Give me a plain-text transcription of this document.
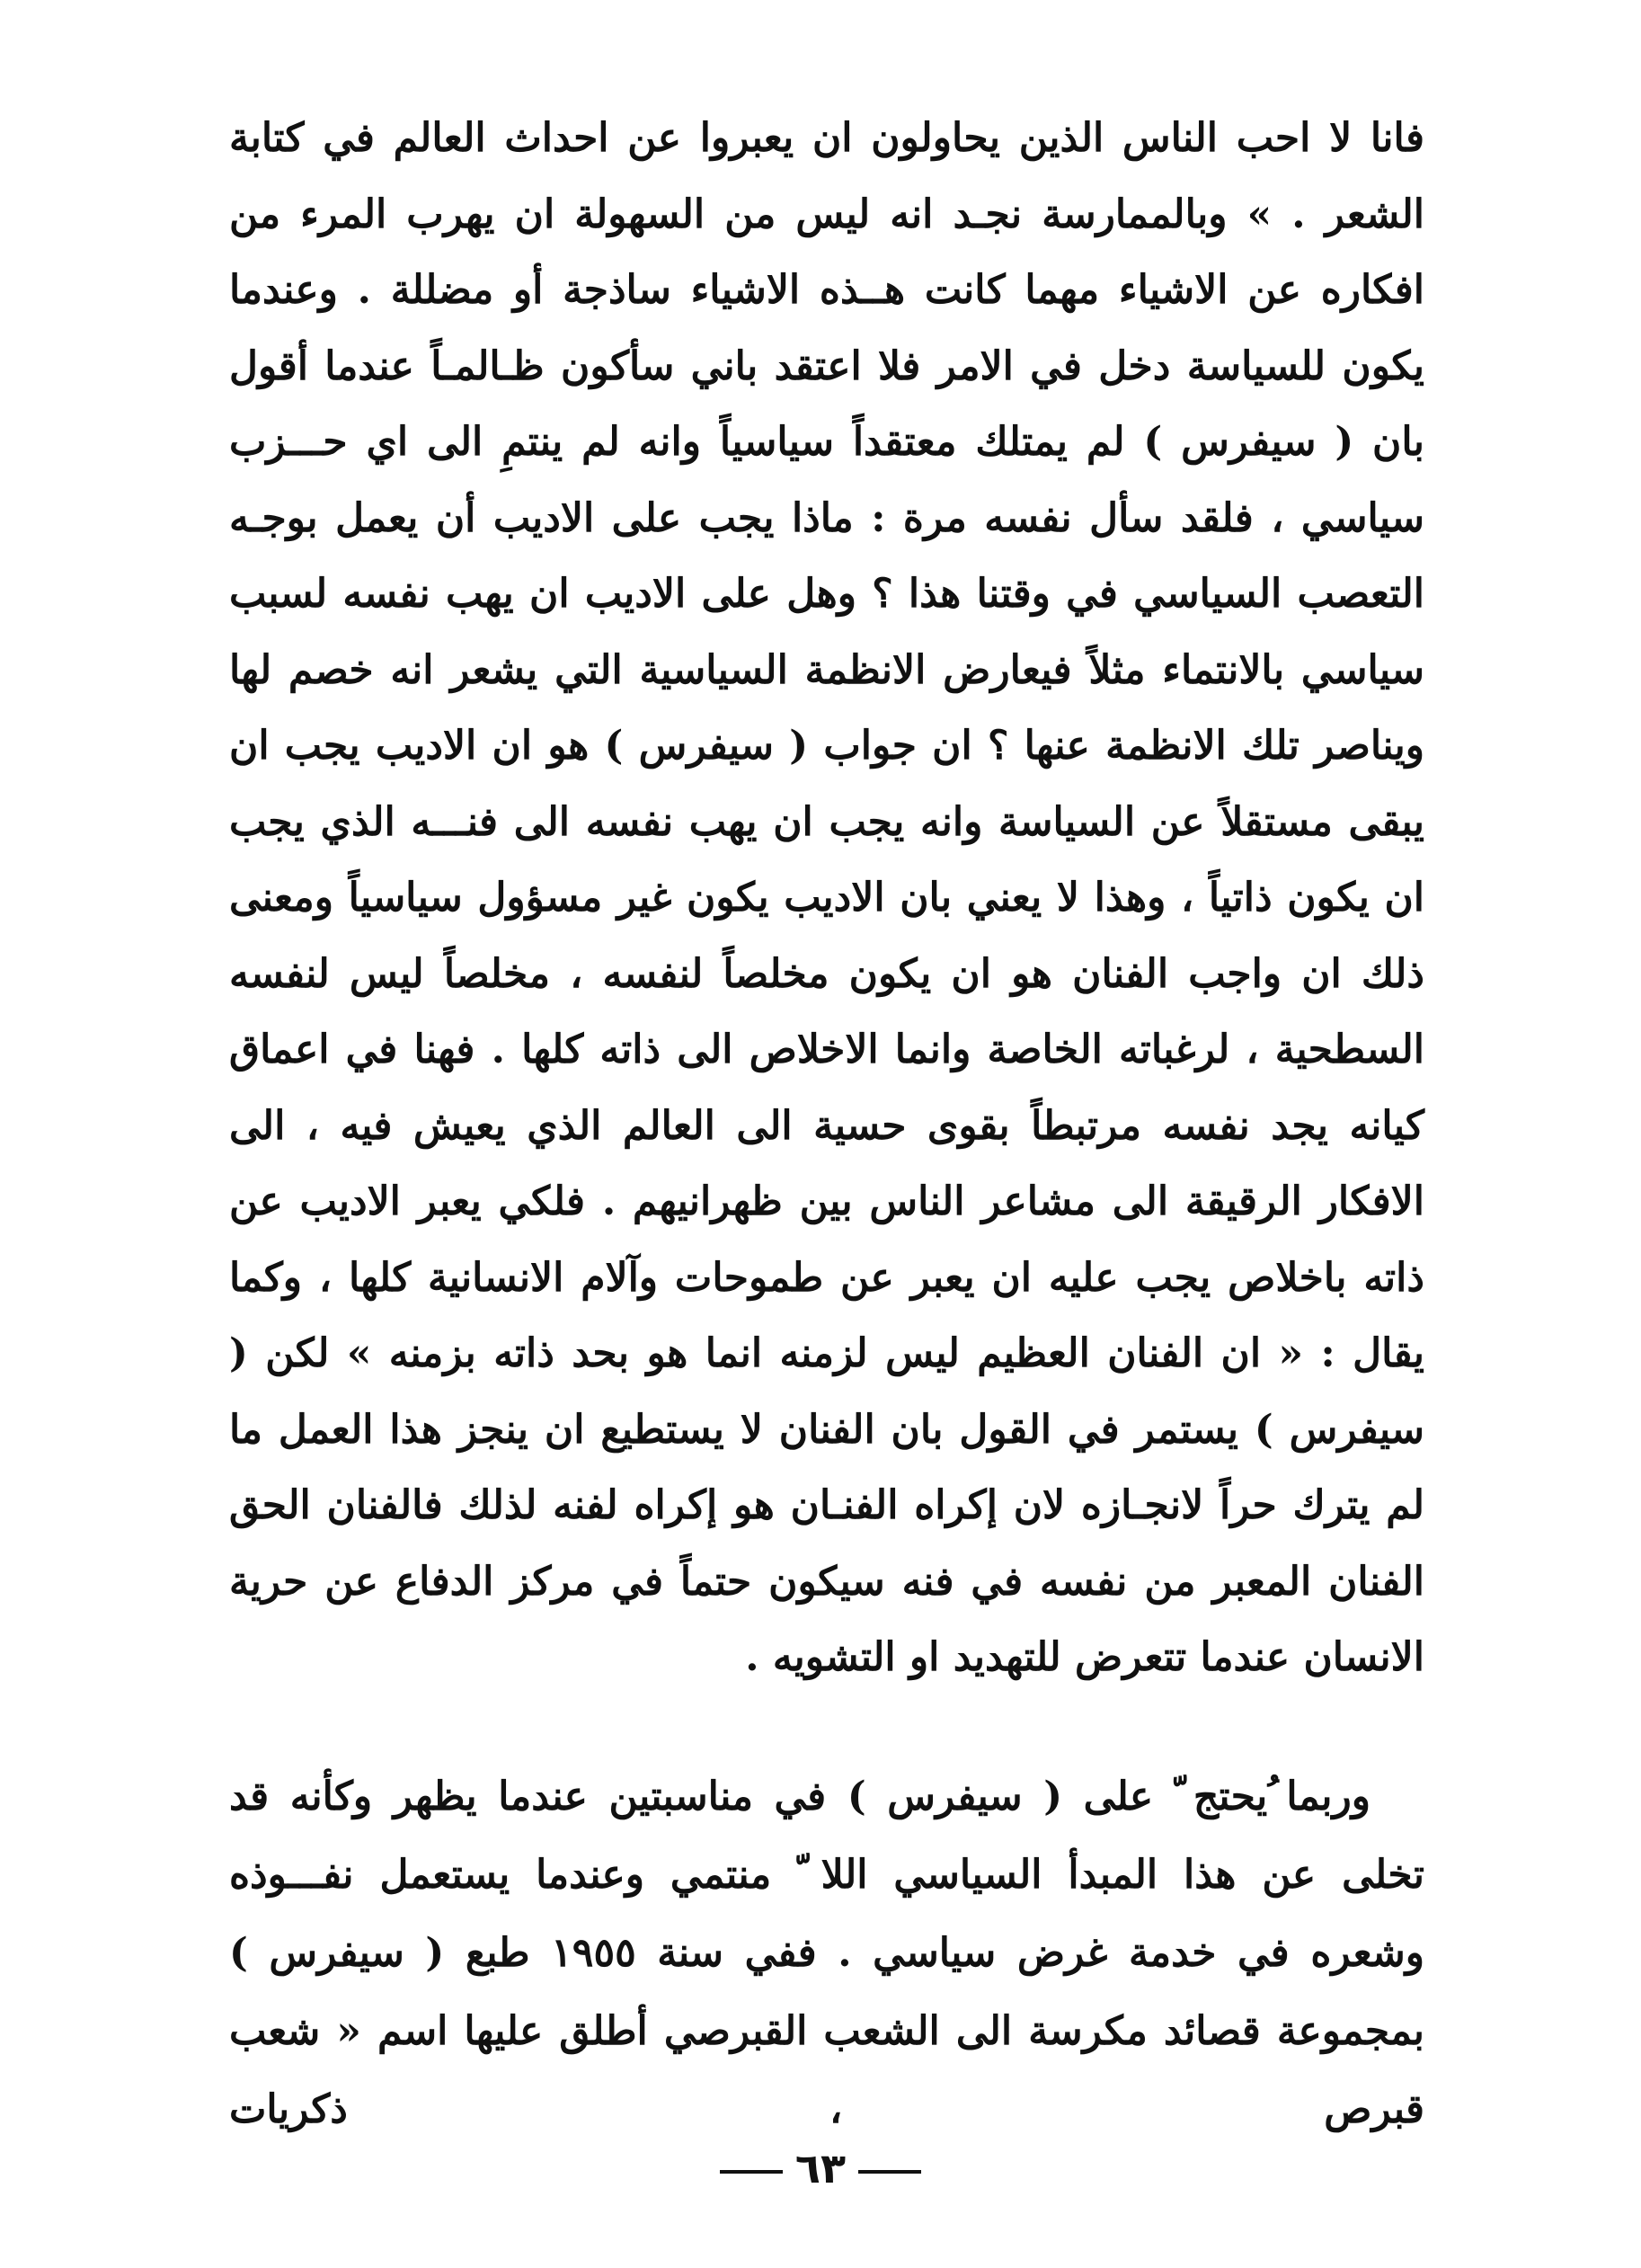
فانا لا احب الناس الذين يحاولون ان يعبروا عن احداث العالم في كتابة الشعر . » وبالممارسة نجـد انه ليس من السهولة ان يهرب المرء من افكاره عن الاشياء مهما كانت هــذه الاشياء ساذجة أو مضللة . وعندما يكون للسياسة دخل في الامر فلا اعتقد باني سأكون ظـالمـاً عندما أقول بان ( سيفرس ) لم يمتلك معتقداً سياسياً وانه لم ينتمِ الى اي حـــزب سياسي ، فلقد سأل نفسه مرة : ماذا يجب على الاديب أن يعمل بوجـه التعصب السياسي في وقتنا هذا ؟ وهل على الاديب ان يهب نفسه لسبب سياسي بالانتماء مثلاً فيعارض الانظمة السياسية التي يشعر انه خصم لها ويناصر تلك الانظمة عنها ؟ ان جواب ( سيفرس ) هو ان الاديب يجب ان يبقى مستقلاً عن السياسة وانه يجب ان يهب نفسه الى فنـــه الذي يجب ان يكون ذاتياً ، وهذا لا يعني بان الاديب يكون غير مسؤول سياسياً ومعنى ذلك ان واجب الفنان هو ان يكون مخلصاً لنفسه ، مخلصاً ليس لنفسه السطحية ، لرغباته الخاصة وانما الاخلاص الى ذاته كلها . فهنا في اعماق كيانه يجد نفسه مرتبطاً بقوى حسية الى العالم الذي يعيش فيه ، الى الافكار الرقيقة الى مشاعر الناس بين ظهرانيهم . فلكي يعبر الاديب عن ذاته باخلاص يجب عليه ان يعبر عن طموحات وآلام الانسانية كلها ، وكما يقال : « ان الفنان العظيم ليس لزمنه انما هو بحد ذاته بزمنه » لكن ( سيفرس ) يستمر في القول بان الفنان لا يستطيع ان ينجز هذا العمل ما لم يترك حراً لانجـازه لان إكراه الفنـان هو إكراه لفنه لذلك فالفنان الحق الفنان المعبر من نفسه في فنه سيكون حتماً في مركز الدفاع عن حرية الانسان عندما تتعرض للتهديد او التشويه .
وربما ُيحتج ّ على ( سيفرس ) في مناسبتين عندما يظهر وكأنه قد تخلى عن هذا المبدأ السياسي اللا ّ منتمي وعندما يستعمل نفـــوذه وشعره في خدمة غرض سياسي . ففي سنة ١٩٥٥ طبع ( سيفرس ) بمجموعة قصائد مكرسة الى الشعب القبرصي أطلق عليها اسم « شعب قبرص ، ذكريات
٦٣
